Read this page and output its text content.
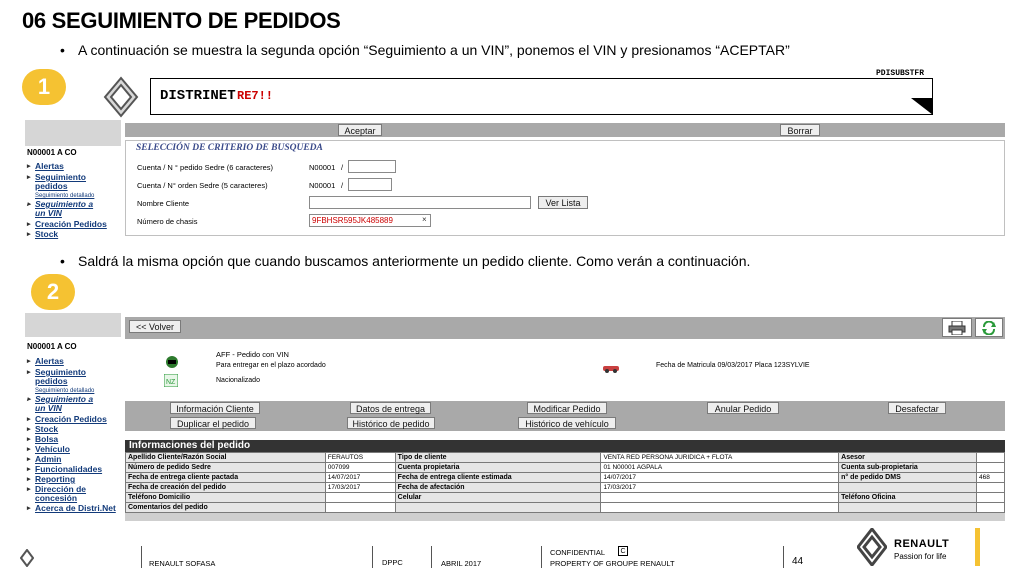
06 SEGUIMIENTO DE PEDIDOS
• A continuación se muestra la segunda opción “Seguimiento a un VIN”, ponemos el VIN y presionamos “ACEPTAR”
1	DISTRINET RE7!!
PDISUBSTFR
N00001 A CO
▸ Alertas
▸ Seguimiento pedidos
Seguimiento detallado
▸ Seguimiento a un VIN
▸ Creación Pedidos
▸ Stock
Aceptar	Borrar
SELECCIÓN DE CRITERIO DE BUSQUEDA
Cuenta / N ° pedido Sedre (6 caracteres)	N00001 /
Cuenta / N° orden Sedre (5 caracteres)	N00001 /
Nombre Cliente	Ver Lista
Número de chasis	9FBHSR595JK485889	×
• Saldrá la misma opción que cuando buscamos anteriormente un pedido cliente. Como verán a continuación.
2
N00001 A CO
▸ Alertas
▸ Seguimiento pedidos
Seguimiento detallado
▸ Seguimiento a un VIN
▸ Creación Pedidos
▸ Stock
▸ Bolsa
▸ Vehículo
▸ Admin
▸ Funcionalidades
▸ Reporting
▸ Dirección de concesión
▸ Acerca de Distri.Net
<< Volver
NZ
AFF - Pedido con VIN
Para entregar en el plazo acordado
Nacionalizado
Fecha de Matricula 09/03/2017 Placa 123SYLVIE
Información Cliente	Datos de entrega	Modificar Pedido	Anular Pedido	Desafectar
Duplicar el pedido	Histórico de pedido	Histórico de vehículo
Informaciones del pedido
Apellido Cliente/Razón Social	FERAUTOS	Tipo de cliente	VENTA RED PERSONA JURIDICA + FLOTA	Asesor	
Número de pedido Sedre	007099	Cuenta propietaria	01 N00001 AGPALA	Cuenta sub-propietaria	
Fecha de entrega cliente pactada	14/07/2017	Fecha de entrega cliente estimada	14/07/2017	n° de pedido DMS	468
Fecha de creación del pedido	17/03/2017	Fecha de afectación	17/03/2017		
Teléfono Domicilio		Celular		Teléfono Oficina	
Comentarios del pedido					
RENAULT SOFASA	DPPC	ABRIL 2017
CONFIDENTIAL	C
PROPERTY OF GROUPE RENAULT	44
RENAULT
Passion for life
